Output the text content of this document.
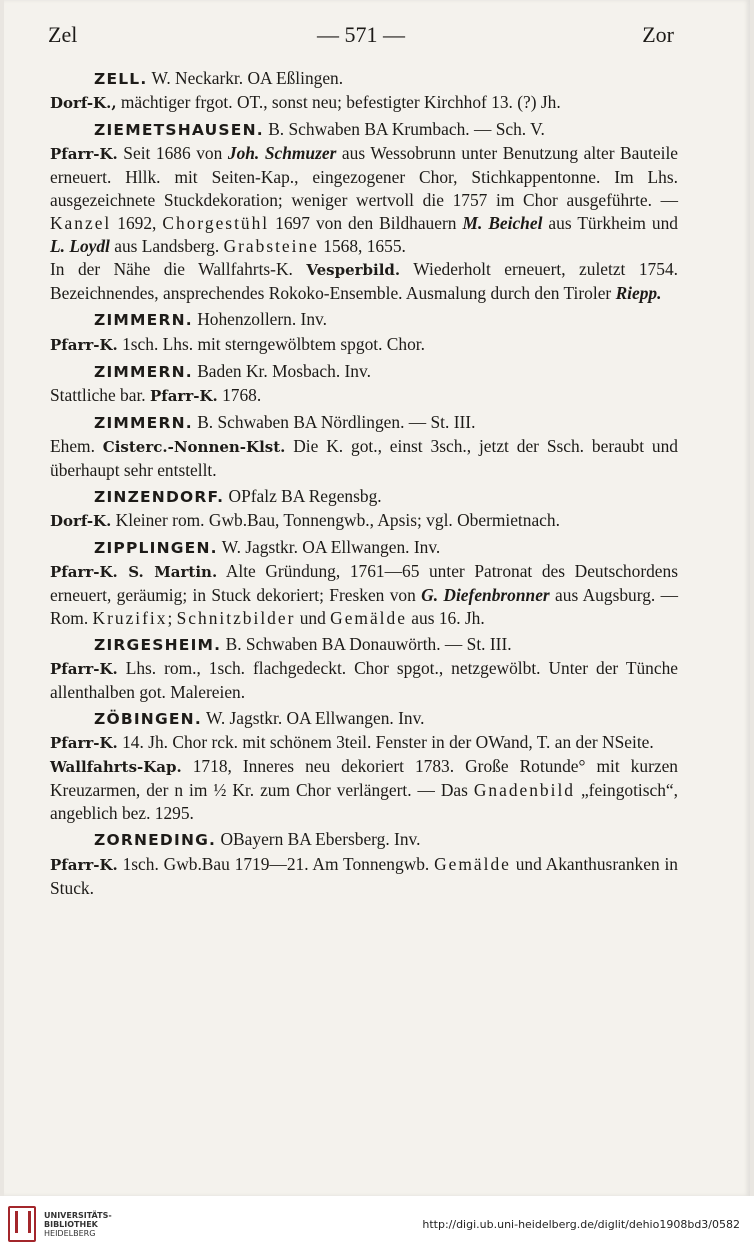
Zel	— 571 —	Zor
ZELL. W. Neckarkr. OA Eßlingen.
Dorf-K., mächtiger frgot. OT., sonst neu; befestigter Kirchhof 13. (?) Jh.
ZIEMETSHAUSEN. B. Schwaben BA Krumbach. — Sch. V.
Pfarr-K. Seit 1686 von Joh. Schmuzer aus Wessobrunn unter Benutzung alter Bauteile erneuert. Hllk. mit Seiten-Kap., eingezogener Chor, Stichkappentonne. Im Lhs. ausgezeichnete Stuckdekoration; weniger wertvoll die 1757 im Chor ausgeführte. — Kanzel 1692, Chorgestühl 1697 von den Bildhauern M. Beichel aus Türkheim und L. Loydl aus Landsberg. Grabsteine 1568, 1655.
In der Nähe die Wallfahrts-K. Vesperbild. Wiederholt erneuert, zuletzt 1754. Bezeichnendes, ansprechendes Rokoko-Ensemble. Ausmalung durch den Tiroler Riepp.
ZIMMERN. Hohenzollern. Inv.
Pfarr-K. 1sch. Lhs. mit sterngewölbtem spgot. Chor.
ZIMMERN. Baden Kr. Mosbach. Inv.
Stattliche bar. Pfarr-K. 1768.
ZIMMERN. B. Schwaben BA Nördlingen. — St. III.
Ehem. Cisterc.-Nonnen-Klst. Die K. got., einst 3sch., jetzt der Ssch. beraubt und überhaupt sehr entstellt.
ZINZENDORF. OPfalz BA Regensbg.
Dorf-K. Kleiner rom. Gwb.Bau, Tonnengwb., Apsis; vgl. Obermietnach.
ZIPPLINGEN. W. Jagstkr. OA Ellwangen. Inv.
Pfarr-K. S. Martin. Alte Gründung, 1761—65 unter Patronat des Deutschordens erneuert, geräumig; in Stuck dekoriert; Fresken von G. Diefenbronner aus Augsburg. — Rom. Kruzifix; Schnitzbilder und Gemälde aus 16. Jh.
ZIRGESHEIM. B. Schwaben BA Donauwörth. — St. III.
Pfarr-K. Lhs. rom., 1sch. flachgedeckt. Chor spgot., netzgewölbt. Unter der Tünche allenthalben got. Malereien.
ZÖBINGEN. W. Jagstkr. OA Ellwangen. Inv.
Pfarr-K. 14. Jh. Chor rck. mit schönem 3teil. Fenster in der OWand, T. an der NSeite.
Wallfahrts-Kap. 1718, Inneres neu dekoriert 1783. Große Rotunde° mit kurzen Kreuzarmen, der n im ½ Kr. zum Chor verlängert. — Das Gnadenbild „feingotisch“, angeblich bez. 1295.
ZORNEDING. OBayern BA Ebersberg. Inv.
Pfarr-K. 1sch. Gwb.Bau 1719—21. Am Tonnengwb. Gemälde und Akanthusranken in Stuck.
UNIVERSITÄTS-
BIBLIOTHEK
HEIDELBERG
http://digi.ub.uni-heidelberg.de/diglit/dehio1908bd3/0582
